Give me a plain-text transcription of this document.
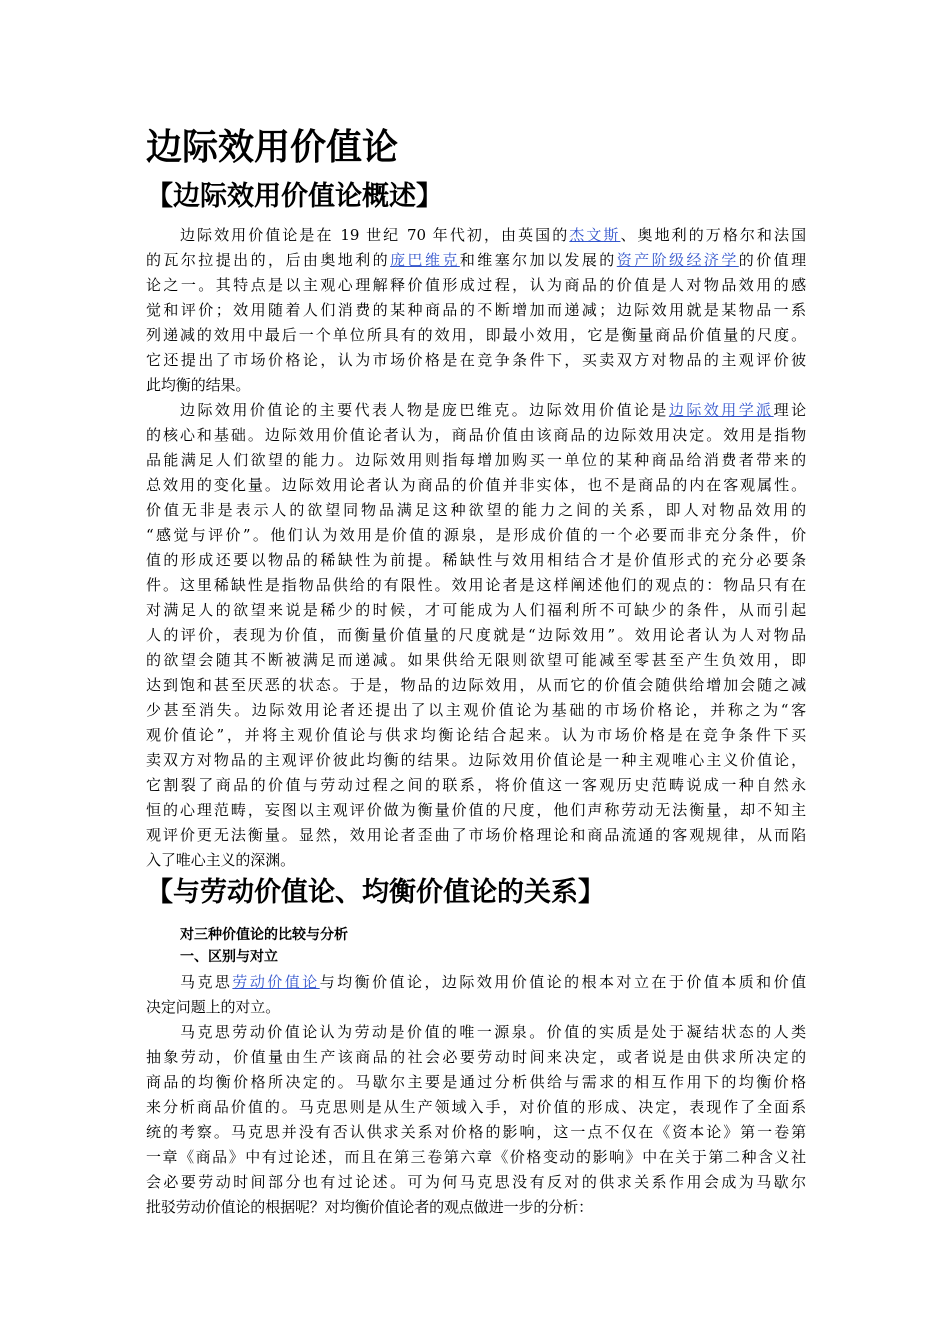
边际效用价值论
【边际效用价值论概述】
边际效用价值论是在 19 世纪 70 年代初，由英国的杰文斯、奥地利的万格尔和法国
的瓦尔拉提出的，后由奥地利的庞巴维克和维塞尔加以发展的资产阶级经济学的价值理
论之一。其特点是以主观心理解释价值形成过程，认为商品的价值是人对物品效用的感
觉和评价；效用随着人们消费的某种商品的不断增加而递减；边际效用就是某物品一系
列递减的效用中最后一个单位所具有的效用，即最小效用，它是衡量商品价值量的尺度。
它还提出了市场价格论，认为市场价格是在竞争条件下，买卖双方对物品的主观评价彼
此均衡的结果。
边际效用价值论的主要代表人物是庞巴维克。边际效用价值论是边际效用学派理论
的核心和基础。边际效用价值论者认为，商品价值由该商品的边际效用决定。效用是指物
品能满足人们欲望的能力。边际效用则指每增加购买一单位的某种商品给消费者带来的
总效用的变化量。边际效用论者认为商品的价值并非实体，也不是商品的内在客观属性。
价值无非是表示人的欲望同物品满足这种欲望的能力之间的关系，即人对物品效用的
“感觉与评价”。他们认为效用是价值的源泉，是形成价值的一个必要而非充分条件，价
值的形成还要以物品的稀缺性为前提。稀缺性与效用相结合才是价值形式的充分必要条
件。这里稀缺性是指物品供给的有限性。效用论者是这样阐述他们的观点的：物品只有在
对满足人的欲望来说是稀少的时候，才可能成为人们福利所不可缺少的条件，从而引起
人的评价，表现为价值，而衡量价值量的尺度就是“边际效用”。效用论者认为人对物品
的欲望会随其不断被满足而递减。如果供给无限则欲望可能减至零甚至产生负效用，即
达到饱和甚至厌恶的状态。于是，物品的边际效用，从而它的价值会随供给增加会随之减
少甚至消失。边际效用论者还提出了以主观价值论为基础的市场价格论，并称之为“客
观价值论”，并将主观价值论与供求均衡论结合起来。认为市场价格是在竞争条件下买
卖双方对物品的主观评价彼此均衡的结果。边际效用价值论是一种主观唯心主义价值论，
它割裂了商品的价值与劳动过程之间的联系，将价值这一客观历史范畴说成一种自然永
恒的心理范畴，妄图以主观评价做为衡量价值的尺度，他们声称劳动无法衡量，却不知主
观评价更无法衡量。显然，效用论者歪曲了市场价格理论和商品流通的客观规律，从而陷
入了唯心主义的深渊。
【与劳动价值论、均衡价值论的关系】
对三种价值论的比较与分析
一、区别与对立
马克思劳动价值论与均衡价值论，边际效用价值论的根本对立在于价值本质和价值
决定问题上的对立。
马克思劳动价值论认为劳动是价值的唯一源泉。价值的实质是处于凝结状态的人类
抽象劳动，价值量由生产该商品的社会必要劳动时间来决定，或者说是由供求所决定的
商品的均衡价格所决定的。马歇尔主要是通过分析供给与需求的相互作用下的均衡价格
来分析商品价值的。马克思则是从生产领域入手，对价值的形成、决定，表现作了全面系
统的考察。马克思并没有否认供求关系对价格的影响，这一点不仅在《资本论》第一卷第
一章《商品》中有过论述，而且在第三卷第六章《价格变动的影响》中在关于第二种含义社
会必要劳动时间部分也有过论述。可为何马克思没有反对的供求关系作用会成为马歇尔
批驳劳动价值论的根据呢？对均衡价值论者的观点做进一步的分析：
